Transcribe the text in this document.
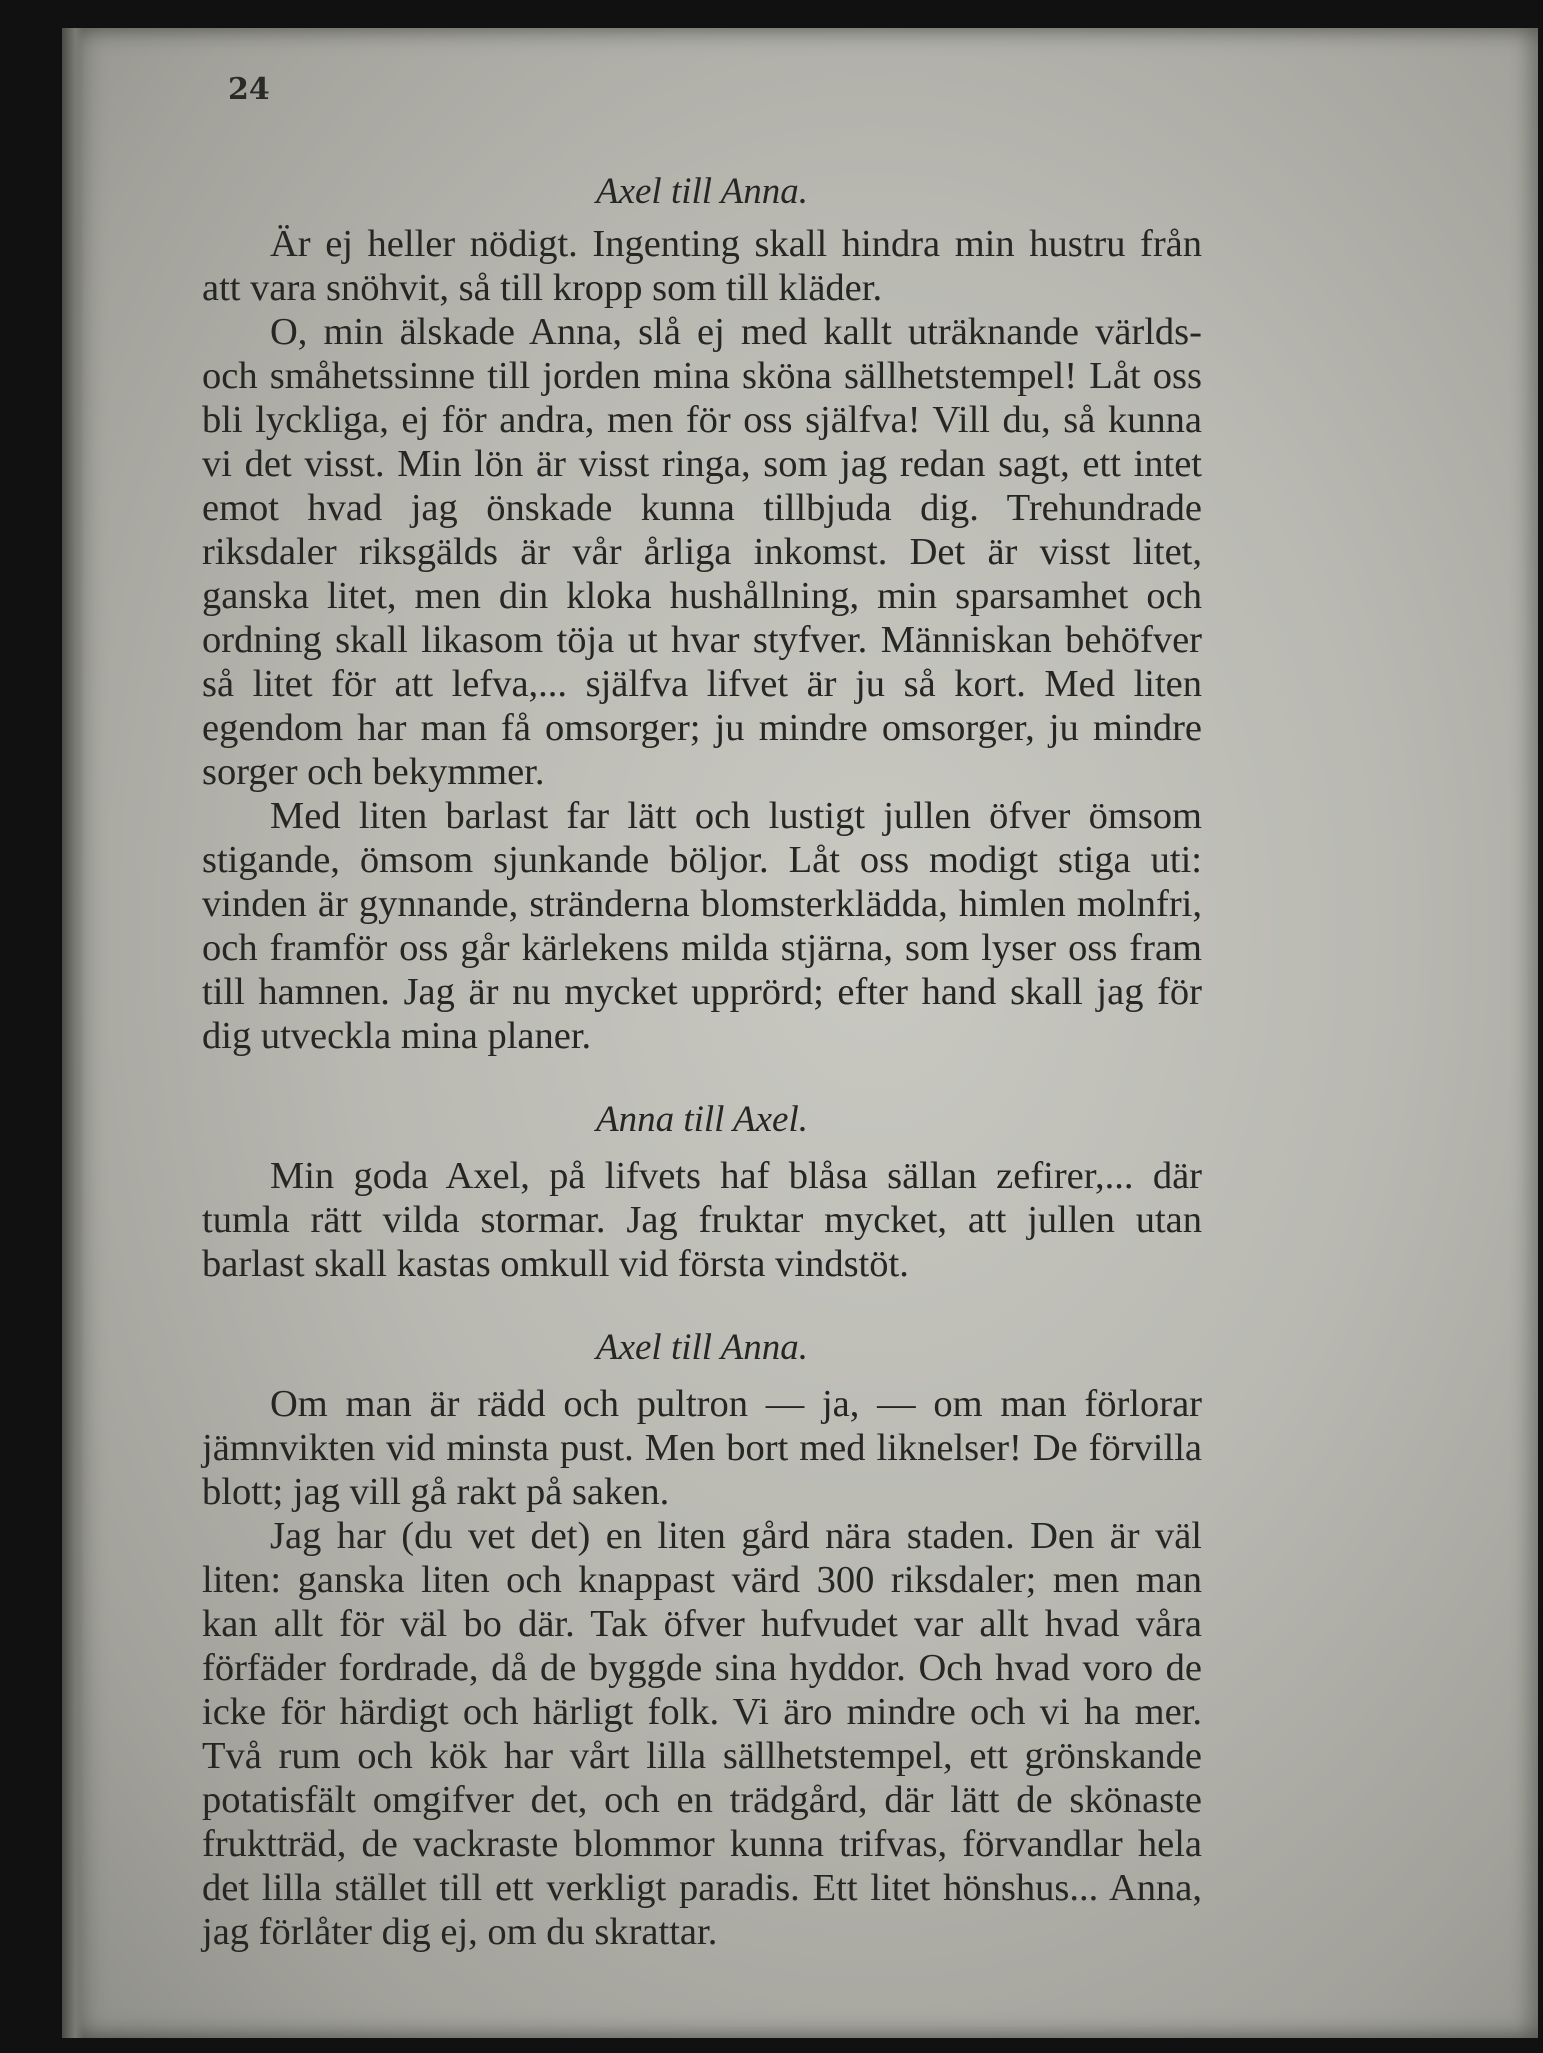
24

Axel till Anna.

Är ej heller nödigt. Ingenting skall hindra min hustru från att vara snöhvit, så till kropp som till kläder.

O, min älskade Anna, slå ej med kallt uträknande världs- och småhetssinne till jorden mina sköna sällhetstempel! Låt oss bli lyckliga, ej för andra, men för oss själfva! Vill du, så kunna vi det visst. Min lön är visst ringa, som jag redan sagt, ett intet emot hvad jag önskade kunna tillbjuda dig. Trehundrade riksdaler riksgälds är vår årliga inkomst. Det är visst litet, ganska litet, men din kloka hushållning, min sparsamhet och ordning skall likasom töja ut hvar styfver. Människan behöfver så litet för att lefva,... själfva lifvet är ju så kort. Med liten egendom har man få omsorger; ju mindre omsorger, ju mindre sorger och bekymmer.

Med liten barlast far lätt och lustigt jullen öfver ömsom stigande, ömsom sjunkande böljor. Låt oss modigt stiga uti: vinden är gynnande, stränderna blomsterklädda, himlen molnfri, och framför oss går kärlekens milda stjärna, som lyser oss fram till hamnen. Jag är nu mycket upprörd; efter hand skall jag för dig utveckla mina planer.

Anna till Axel.

Min goda Axel, på lifvets haf blåsa sällan zefirer,... där tumla rätt vilda stormar. Jag fruktar mycket, att jullen utan barlast skall kastas omkull vid första vindstöt.

Axel till Anna.

Om man är rädd och pultron — ja, — om man förlorar jämnvikten vid minsta pust. Men bort med liknelser! De förvilla blott; jag vill gå rakt på saken.

Jag har (du vet det) en liten gård nära staden. Den är väl liten: ganska liten och knappast värd 300 riksdaler; men man kan allt för väl bo där. Tak öfver hufvudet var allt hvad våra förfäder fordrade, då de byggde sina hyddor. Och hvad voro de icke för härdigt och härligt folk. Vi äro mindre och vi ha mer. Två rum och kök har vårt lilla sällhetstempel, ett grönskande potatisfält omgifver det, och en trädgård, där lätt de skönaste fruktträd, de vackraste blommor kunna trifvas, förvandlar hela det lilla stället till ett verkligt paradis. Ett litet hönshus... Anna, jag förlåter dig ej, om du skrattar.
